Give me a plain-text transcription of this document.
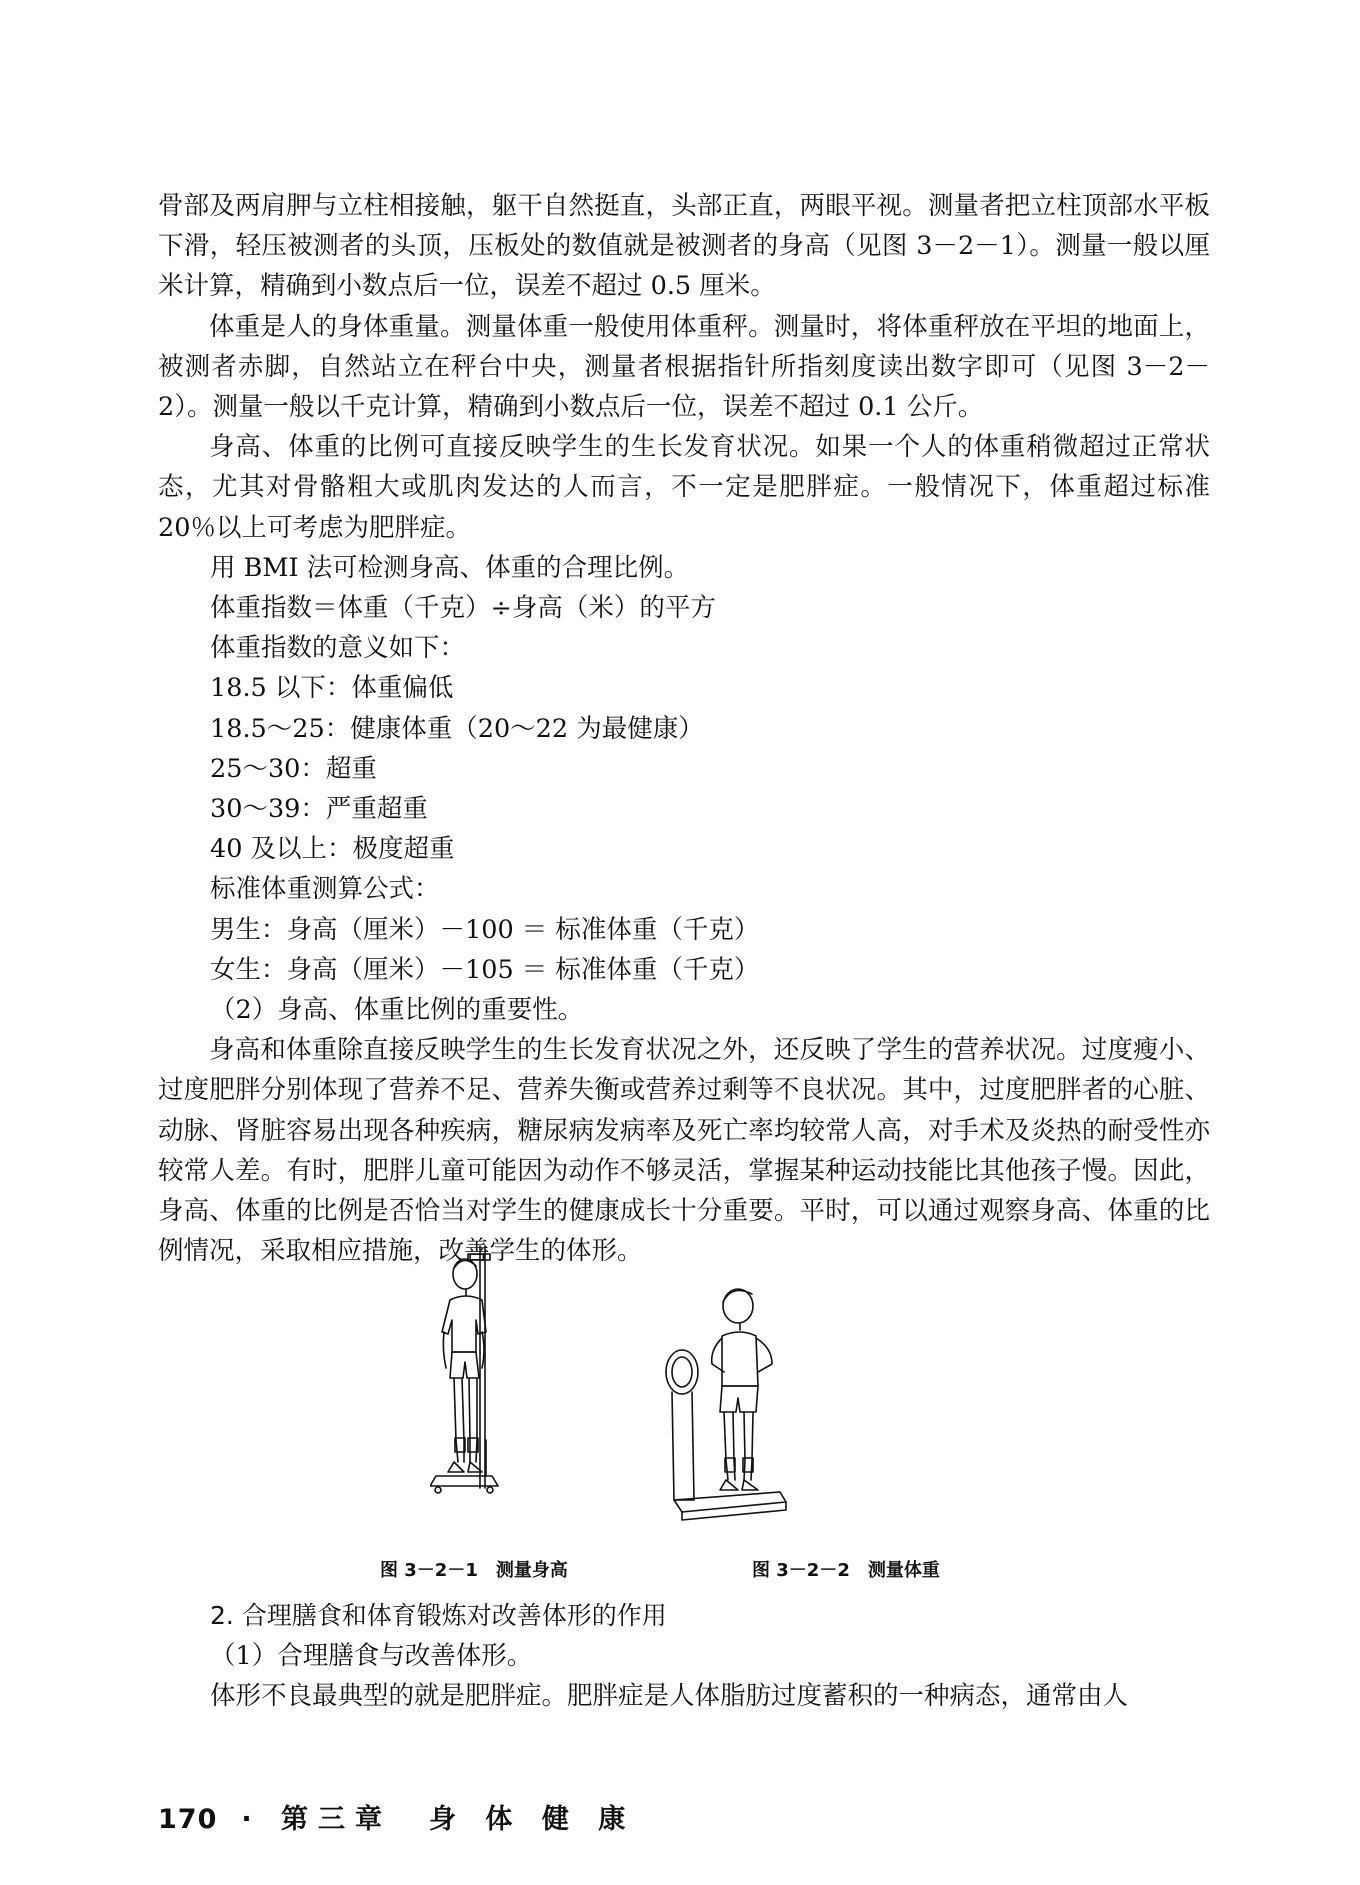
骨部及两肩胛与立柱相接触，躯干自然挺直，头部正直，两眼平视。测量者把立柱顶部水平板下滑，轻压被测者的头顶，压板处的数值就是被测者的身高（见图 3－2－1）。测量一般以厘米计算，精确到小数点后一位，误差不超过 0.5 厘米。

体重是人的身体重量。测量体重一般使用体重秤。测量时，将体重秤放在平坦的地面上，被测者赤脚，自然站立在秤台中央，测量者根据指针所指刻度读出数字即可（见图 3－2－2）。测量一般以千克计算，精确到小数点后一位，误差不超过 0.1 公斤。

身高、体重的比例可直接反映学生的生长发育状况。如果一个人的体重稍微超过正常状态，尤其对骨骼粗大或肌肉发达的人而言，不一定是肥胖症。一般情况下，体重超过标准 20％以上可考虑为肥胖症。

用 BMI 法可检测身高、体重的合理比例。

体重指数＝体重（千克）÷身高（米）的平方

体重指数的意义如下：

18.5 以下：体重偏低

18.5～25：健康体重（20～22 为最健康）

25～30：超重

30～39：严重超重

40 及以上：极度超重

标准体重测算公式：

男生：身高（厘米）－100 ＝ 标准体重（千克）

女生：身高（厘米）－105 ＝ 标准体重（千克）

（2）身高、体重比例的重要性。

身高和体重除直接反映学生的生长发育状况之外，还反映了学生的营养状况。过度瘦小、过度肥胖分别体现了营养不足、营养失衡或营养过剩等不良状况。其中，过度肥胖者的心脏、动脉、肾脏容易出现各种疾病，糖尿病发病率及死亡率均较常人高，对手术及炎热的耐受性亦较常人差。有时，肥胖儿童可能因为动作不够灵活，掌握某种运动技能比其他孩子慢。因此，身高、体重的比例是否恰当对学生的健康成长十分重要。平时，可以通过观察身高、体重的比例情况，采取相应措施，改善学生的体形。

图 3－2－1　测量身高	图 3－2－2　测量体重

2. 合理膳食和体育锻炼对改善体形的作用

（1）合理膳食与改善体形。

体形不良最典型的就是肥胖症。肥胖症是人体脂肪过度蓄积的一种病态，通常由人

170 · 第三章　身 体 健 康
